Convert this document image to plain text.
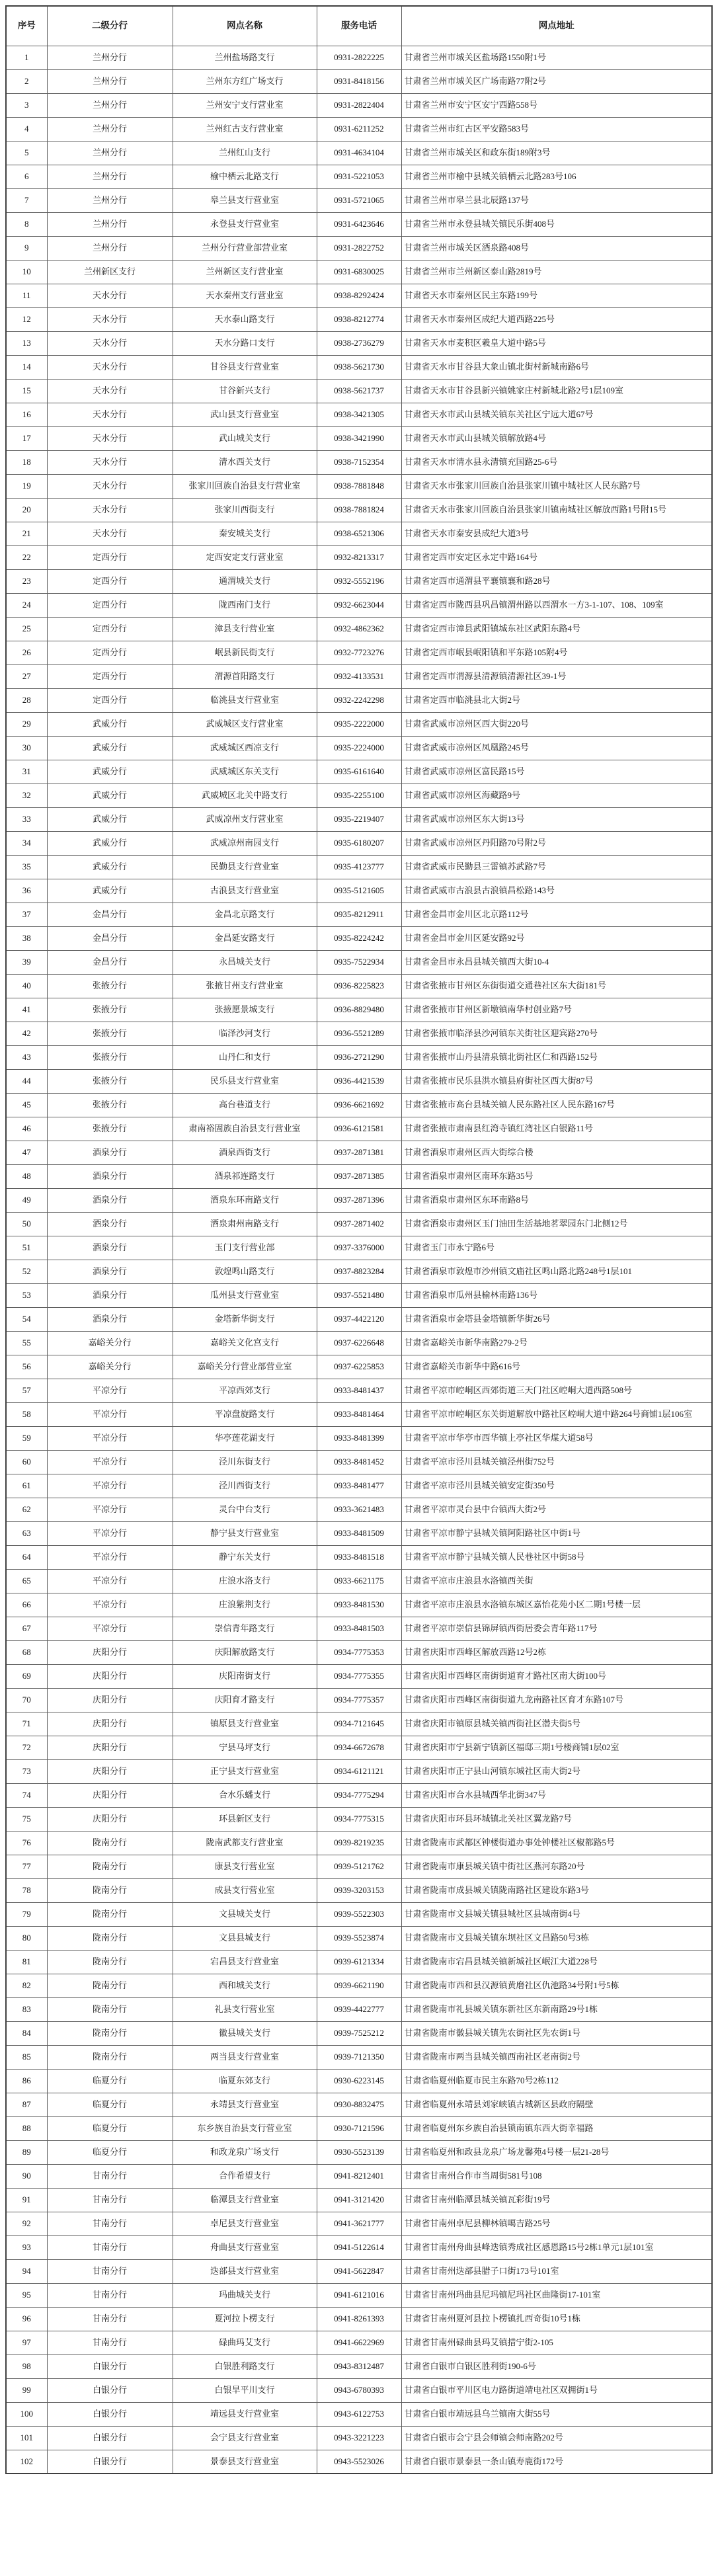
序号	二级分行	网点名称	服务电话	网点地址
1	兰州分行	兰州盐场路支行	0931-2822225	甘肃省兰州市城关区盐场路1550附1号
2	兰州分行	兰州东方红广场支行	0931-8418156	甘肃省兰州市城关区广场南路77附2号
3	兰州分行	兰州安宁支行营业室	0931-2822404	甘肃省兰州市安宁区安宁西路558号
4	兰州分行	兰州红古支行营业室	0931-6211252	甘肃省兰州市红古区平安路583号
5	兰州分行	兰州红山支行	0931-4634104	甘肃省兰州市城关区和政东街189附3号
6	兰州分行	榆中栖云北路支行	0931-5221053	甘肃省兰州市榆中县城关镇栖云北路283号106
7	兰州分行	皋兰县支行营业室	0931-5721065	甘肃省兰州市皋兰县北辰路137号
8	兰州分行	永登县支行营业室	0931-6423646	甘肃省兰州市永登县城关镇民乐街408号
9	兰州分行	兰州分行营业部营业室	0931-2822752	甘肃省兰州市城关区酒泉路408号
10	兰州新区支行	兰州新区支行营业室	0931-6830025	甘肃省兰州市兰州新区泰山路2819号
11	天水分行	天水秦州支行营业室	0938-8292424	甘肃省天水市秦州区民主东路199号
12	天水分行	天水泰山路支行	0938-8212774	甘肃省天水市秦州区成纪大道西路225号
13	天水分行	天水分路口支行	0938-2736279	甘肃省天水市麦积区羲皇大道中路5号
14	天水分行	甘谷县支行营业室	0938-5621730	甘肃省天水市甘谷县大象山镇北街村新城南路6号
15	天水分行	甘谷新兴支行	0938-5621737	甘肃省天水市甘谷县新兴镇姚家庄村新城北路2号1层109室
16	天水分行	武山县支行营业室	0938-3421305	甘肃省天水市武山县城关镇东关社区宁远大道67号
17	天水分行	武山城关支行	0938-3421990	甘肃省天水市武山县城关镇解放路4号
18	天水分行	清水西关支行	0938-7152354	甘肃省天水市清水县永清镇充国路25-6号
19	天水分行	张家川回族自治县支行营业室	0938-7881848	甘肃省天水市张家川回族自治县张家川镇中城社区人民东路7号
20	天水分行	张家川西街支行	0938-7881824	甘肃省天水市张家川回族自治县张家川镇南城社区解放西路1号附15号
21	天水分行	秦安城关支行	0938-6521306	甘肃省天水市秦安县成纪大道3号
22	定西分行	定西安定支行营业室	0932-8213317	甘肃省定西市安定区永定中路164号
23	定西分行	通渭城关支行	0932-5552196	甘肃省定西市通渭县平襄镇襄和路28号
24	定西分行	陇西南门支行	0932-6623044	甘肃省定西市陇西县巩昌镇渭州路以西渭水一方3-1-107、108、109室
25	定西分行	漳县支行营业室	0932-4862362	甘肃省定西市漳县武阳镇城东社区武阳东路4号
26	定西分行	岷县新民街支行	0932-7723276	甘肃省定西市岷县岷阳镇和平东路105附4号
27	定西分行	渭源首阳路支行	0932-4133531	甘肃省定西市渭源县清源镇清源社区39-1号
28	定西分行	临洮县支行营业室	0932-2242298	甘肃省定西市临洮县北大街2号
29	武威分行	武威城区支行营业室	0935-2222000	甘肃省武威市凉州区西大街220号
30	武威分行	武威城区西凉支行	0935-2224000	甘肃省武威市凉州区凤凰路245号
31	武威分行	武威城区东关支行	0935-6161640	甘肃省武威市凉州区富民路15号
32	武威分行	武威城区北关中路支行	0935-2255100	甘肃省武威市凉州区海藏路9号
33	武威分行	武威凉州支行营业室	0935-2219407	甘肃省武威市凉州区东大街13号
34	武威分行	武威凉州南园支行	0935-6180207	甘肃省武威市凉州区丹阳路70号附2号
35	武威分行	民勤县支行营业室	0935-4123777	甘肃省武威市民勤县三雷镇苏武路7号
36	武威分行	古浪县支行营业室	0935-5121605	甘肃省武威市古浪县古浪镇昌松路143号
37	金昌分行	金昌北京路支行	0935-8212911	甘肃省金昌市金川区北京路112号
38	金昌分行	金昌延安路支行	0935-8224242	甘肃省金昌市金川区延安路92号
39	金昌分行	永昌城关支行	0935-7522934	甘肃省金昌市永昌县城关镇西大街10-4
40	张掖分行	张掖甘州支行营业室	0936-8225823	甘肃省张掖市甘州区东街街道交通巷社区东大街181号
41	张掖分行	张掖愿景城支行	0936-8829480	甘肃省张掖市甘州区新墩镇南华村创业路7号
42	张掖分行	临泽沙河支行	0936-5521289	甘肃省张掖市临泽县沙河镇东关街社区迎宾路270号
43	张掖分行	山丹仁和支行	0936-2721290	甘肃省张掖市山丹县清泉镇北街社区仁和西路152号
44	张掖分行	民乐县支行营业室	0936-4421539	甘肃省张掖市民乐县洪水镇县府街社区西大街87号
45	张掖分行	高台巷道支行	0936-6621692	甘肃省张掖市高台县城关镇人民东路社区人民东路167号
46	张掖分行	肃南裕固族自治县支行营业室	0936-6121581	甘肃省张掖市肃南县红湾寺镇红湾社区白银路11号
47	酒泉分行	酒泉西街支行	0937-2871381	甘肃省酒泉市肃州区西大街综合楼
48	酒泉分行	酒泉祁连路支行	0937-2871385	甘肃省酒泉市肃州区南环东路35号
49	酒泉分行	酒泉东环南路支行	0937-2871396	甘肃省酒泉市肃州区东环南路8号
50	酒泉分行	酒泉肃州南路支行	0937-2871402	甘肃省酒泉市肃州区玉门油田生活基地茗翠园东门北侧12号
51	酒泉分行	玉门支行营业部	0937-3376000	甘肃省玉门市永宁路6号
52	酒泉分行	敦煌鸣山路支行	0937-8823284	甘肃省酒泉市敦煌市沙州镇文庙社区鸣山路北路248号1层101
53	酒泉分行	瓜州县支行营业室	0937-5521480	甘肃省酒泉市瓜州县榆林南路136号
54	酒泉分行	金塔新华街支行	0937-4422120	甘肃省酒泉市金塔县金塔镇新华街26号
55	嘉峪关分行	嘉峪关文化宫支行	0937-6226648	甘肃省嘉峪关市新华南路279-2号
56	嘉峪关分行	嘉峪关分行营业部营业室	0937-6225853	甘肃省嘉峪关市新华中路616号
57	平凉分行	平凉西郊支行	0933-8481437	甘肃省平凉市崆峒区西郊街道三天门社区崆峒大道西路508号
58	平凉分行	平凉盘旋路支行	0933-8481464	甘肃省平凉市崆峒区东关街道解放中路社区崆峒大道中路264号商铺1层106室
59	平凉分行	华亭莲花湖支行	0933-8481399	甘肃省平凉市华亭市西华镇上亭社区华煤大道58号
60	平凉分行	泾川东街支行	0933-8481452	甘肃省平凉市泾川县城关镇泾州街752号
61	平凉分行	泾川西街支行	0933-8481477	甘肃省平凉市泾川县城关镇安定街350号
62	平凉分行	灵台中台支行	0933-3621483	甘肃省平凉市灵台县中台镇西大街2号
63	平凉分行	静宁县支行营业室	0933-8481509	甘肃省平凉市静宁县城关镇阿阳路社区中街1号
64	平凉分行	静宁东关支行	0933-8481518	甘肃省平凉市静宁县城关镇人民巷社区中街58号
65	平凉分行	庄浪水洛支行	0933-6621175	甘肃省平凉市庄浪县水洛镇西关街
66	平凉分行	庄浪紫荆支行	0933-8481530	甘肃省平凉市庄浪县水洛镇东城区嘉怡花苑小区二期1号楼一层
67	平凉分行	崇信青年路支行	0933-8481503	甘肃省平凉市崇信县锦屏镇西街居委会青年路117号
68	庆阳分行	庆阳解放路支行	0934-7775353	甘肃省庆阳市西峰区解放西路12号2栋
69	庆阳分行	庆阳南街支行	0934-7775355	甘肃省庆阳市西峰区南街街道育才路社区南大街100号
70	庆阳分行	庆阳育才路支行	0934-7775357	甘肃省庆阳市西峰区南街街道九龙南路社区育才东路107号
71	庆阳分行	镇原县支行营业室	0934-7121645	甘肃省庆阳市镇原县城关镇西街社区潜夫街5号
72	庆阳分行	宁县马坪支行	0934-6672678	甘肃省庆阳市宁县新宁镇新区福邸三期1号楼商铺1层02室
73	庆阳分行	正宁县支行营业室	0934-6121121	甘肃省庆阳市正宁县山河镇东城社区南大街2号
74	庆阳分行	合水乐蟠支行	0934-7775294	甘肃省庆阳市合水县城西华北街347号
75	庆阳分行	环县新区支行	0934-7775315	甘肃省庆阳市环县环城镇北关社区翼龙路7号
76	陇南分行	陇南武都支行营业室	0939-8219235	甘肃省陇南市武都区钟楼街道办事处钟楼社区椒都路5号
77	陇南分行	康县支行营业室	0939-5121762	甘肃省陇南市康县城关镇中街社区燕河东路20号
78	陇南分行	成县支行营业室	0939-3203153	甘肃省陇南市成县城关镇陇南路社区建设东路3号
79	陇南分行	文县城关支行	0939-5522303	甘肃省陇南市文县城关镇县城社区县城南街4号
80	陇南分行	文县县城支行	0939-5523874	甘肃省陇南市文县城关镇东坝社区文昌路50号3栋
81	陇南分行	宕昌县支行营业室	0939-6121334	甘肃省陇南市宕昌县城关镇新城社区岷江大道228号
82	陇南分行	西和城关支行	0939-6621190	甘肃省陇南市西和县汉源镇黄磨社区仇池路34号附1号5栋
83	陇南分行	礼县支行营业室	0939-4422777	甘肃省陇南市礼县城关镇东新社区东新南路29号1栋
84	陇南分行	徽县城关支行	0939-7525212	甘肃省陇南市徽县城关镇先农街社区先农街1号
85	陇南分行	两当县支行营业室	0939-7121350	甘肃省陇南市两当县城关镇西南社区老南街2号
86	临夏分行	临夏东郊支行	0930-6223145	甘肃省临夏州临夏市民主东路70号2栋112
87	临夏分行	永靖县支行营业室	0930-8832475	甘肃省临夏州永靖县刘家峡镇古城新区县政府隔壁
88	临夏分行	东乡族自治县支行营业室	0930-7121596	甘肃省临夏州东乡族自治县锁南镇东西大街幸福路
89	临夏分行	和政龙泉广场支行	0930-5523139	甘肃省临夏州和政县龙泉广场龙馨苑4号楼一层21-28号
90	甘南分行	合作希望支行	0941-8212401	甘肃省甘南州合作市当周街581号108
91	甘南分行	临潭县支行营业室	0941-3121420	甘肃省甘南州临潭县城关镇瓦彩街19号
92	甘南分行	卓尼县支行营业室	0941-3621777	甘肃省甘南州卓尼县柳林镇噶吉路25号
93	甘南分行	舟曲县支行营业室	0941-5122614	甘肃省甘南州舟曲县峰迭镇秀成社区感恩路15号2栋1单元1层101室
94	甘南分行	迭部县支行营业室	0941-5622847	甘肃省甘南州迭部县腊子口街173号101室
95	甘南分行	玛曲城关支行	0941-6121016	甘肃省甘南州玛曲县尼玛镇尼玛社区曲隆街17-101室
96	甘南分行	夏河拉卜楞支行	0941-8261393	甘肃省甘南州夏河县拉卜楞镇扎西奇街10号1栋
97	甘南分行	碌曲玛艾支行	0941-6622969	甘肃省甘南州碌曲县玛艾镇措宁街2-105
98	白银分行	白银胜利路支行	0943-8312487	甘肃省白银市白银区胜利街190-6号
99	白银分行	白银旱平川支行	0943-6780393	甘肃省白银市平川区电力路街道靖电社区双拥街1号
100	白银分行	靖远县支行营业室	0943-6122753	甘肃省白银市靖远县乌兰镇南大街55号
101	白银分行	会宁县支行营业室	0943-3221223	甘肃省白银市会宁县会师镇会师南路202号
102	白银分行	景泰县支行营业室	0943-5523026	甘肃省白银市景泰县一条山镇寿鹿街172号
